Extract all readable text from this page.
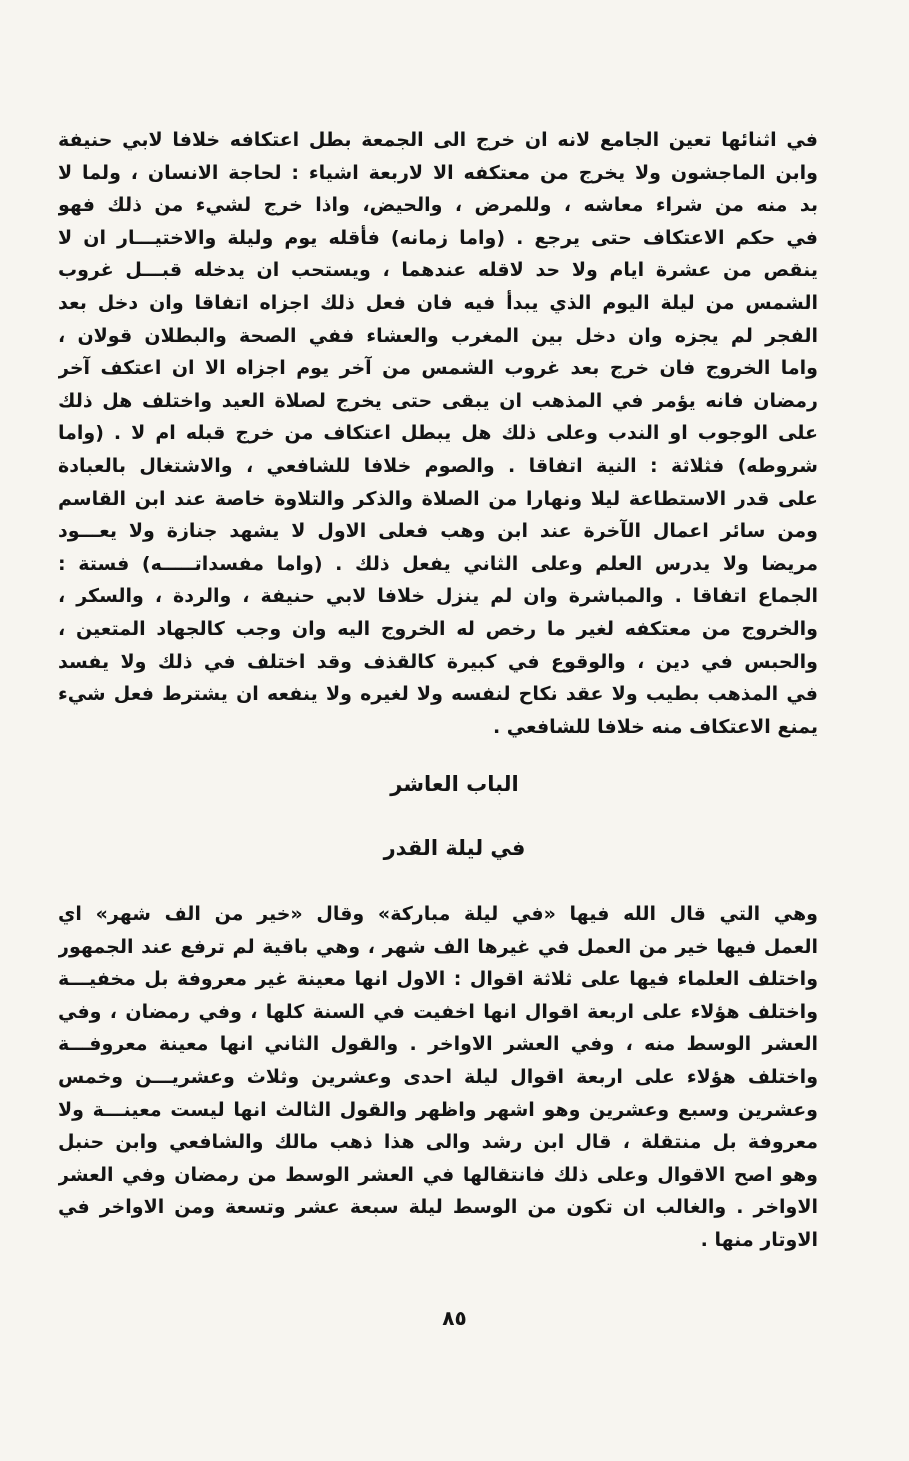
في اثنائها تعين الجامع لانه ان خرج الى الجمعة بطل اعتكافه خلافا لابي حنيفة
وابن الماجشون ولا يخرج من معتكفه الا لاربعة اشياء : لحاجة الانسان ، ولما لا
بد منه من شراء معاشه ، وللمرض ، والحيض، واذا خرج لشيء من ذلك فهو
في حكم الاعتكاف حتى يرجع . (واما زمانه) فأقله يوم وليلة والاختيـــار ان لا
ينقص من عشرة ايام ولا حد لاقله عندهما ، ويستحب ان يدخله قبـــل غروب
الشمس من ليلة اليوم الذي يبدأ فيه فان فعل ذلك اجزاه اتفاقا وان دخل بعد
الفجر لم يجزه وان دخل بين المغرب والعشاء ففي الصحة والبطلان قولان ،
واما الخروج فان خرج بعد غروب الشمس من آخر يوم اجزاه الا ان اعتكف آخر
رمضان فانه يؤمر في المذهب ان يبقى حتى يخرج لصلاة العيد واختلف هل ذلك
على الوجوب او الندب وعلى ذلك هل يبطل اعتكاف من خرج قبله ام لا . (واما
شروطه) فثلاثة : النية اتفاقا . والصوم خلافا للشافعي ، والاشتغال بالعبادة
على قدر الاستطاعة ليلا ونهارا من الصلاة والذكر والتلاوة خاصة عند ابن القاسم
ومن سائر اعمال الآخرة عند ابن وهب فعلى الاول لا يشهد جنازة ولا يعـــود
مريضا ولا يدرس العلم وعلى الثاني يفعل ذلك . (واما مفسداتـــــه) فستة :
الجماع اتفاقا . والمباشرة وان لم ينزل خلافا لابي حنيفة ، والردة ، والسكر ،
والخروج من معتكفه لغير ما رخص له الخروج اليه وان وجب كالجهاد المتعين ،
والحبس في دين ، والوقوع في كبيرة كالقذف وقد اختلف في ذلك ولا يفسد
في المذهب بطيب ولا عقد نكاح لنفسه ولا لغيره ولا ينفعه ان يشترط فعل شيء
يمنع الاعتكاف منه خلافا للشافعي .
الباب العاشر
في ليلة القدر
وهي التي قال الله فيها «في ليلة مباركة» وقال «خير من الف شهر» اي
العمل فيها خير من العمل في غيرها الف شهر ، وهي باقية لم ترفع عند الجمهور
واختلف العلماء فيها على ثلاثة اقوال : الاول انها معينة غير معروفة بل مخفيـــة
واختلف هؤلاء على اربعة اقوال انها اخفيت في السنة كلها ، وفي رمضان ، وفي
العشر الوسط منه ، وفي العشر الاواخر . والقول الثاني انها معينة معروفـــة
واختلف هؤلاء على اربعة اقوال ليلة احدى وعشرين وثلاث وعشريـــن وخمس
وعشرين وسبع وعشرين وهو اشهر واظهر والقول الثالث انها ليست معينـــة ولا
معروفة بل منتقلة ، قال ابن رشد والى هذا ذهب مالك والشافعي وابن حنبل
وهو اصح الاقوال وعلى ذلك فانتقالها في العشر الوسط من رمضان وفي العشر
الاواخر . والغالب ان تكون من الوسط ليلة سبعة عشر وتسعة ومن الاواخر في
الاوتار منها .
٨٥
